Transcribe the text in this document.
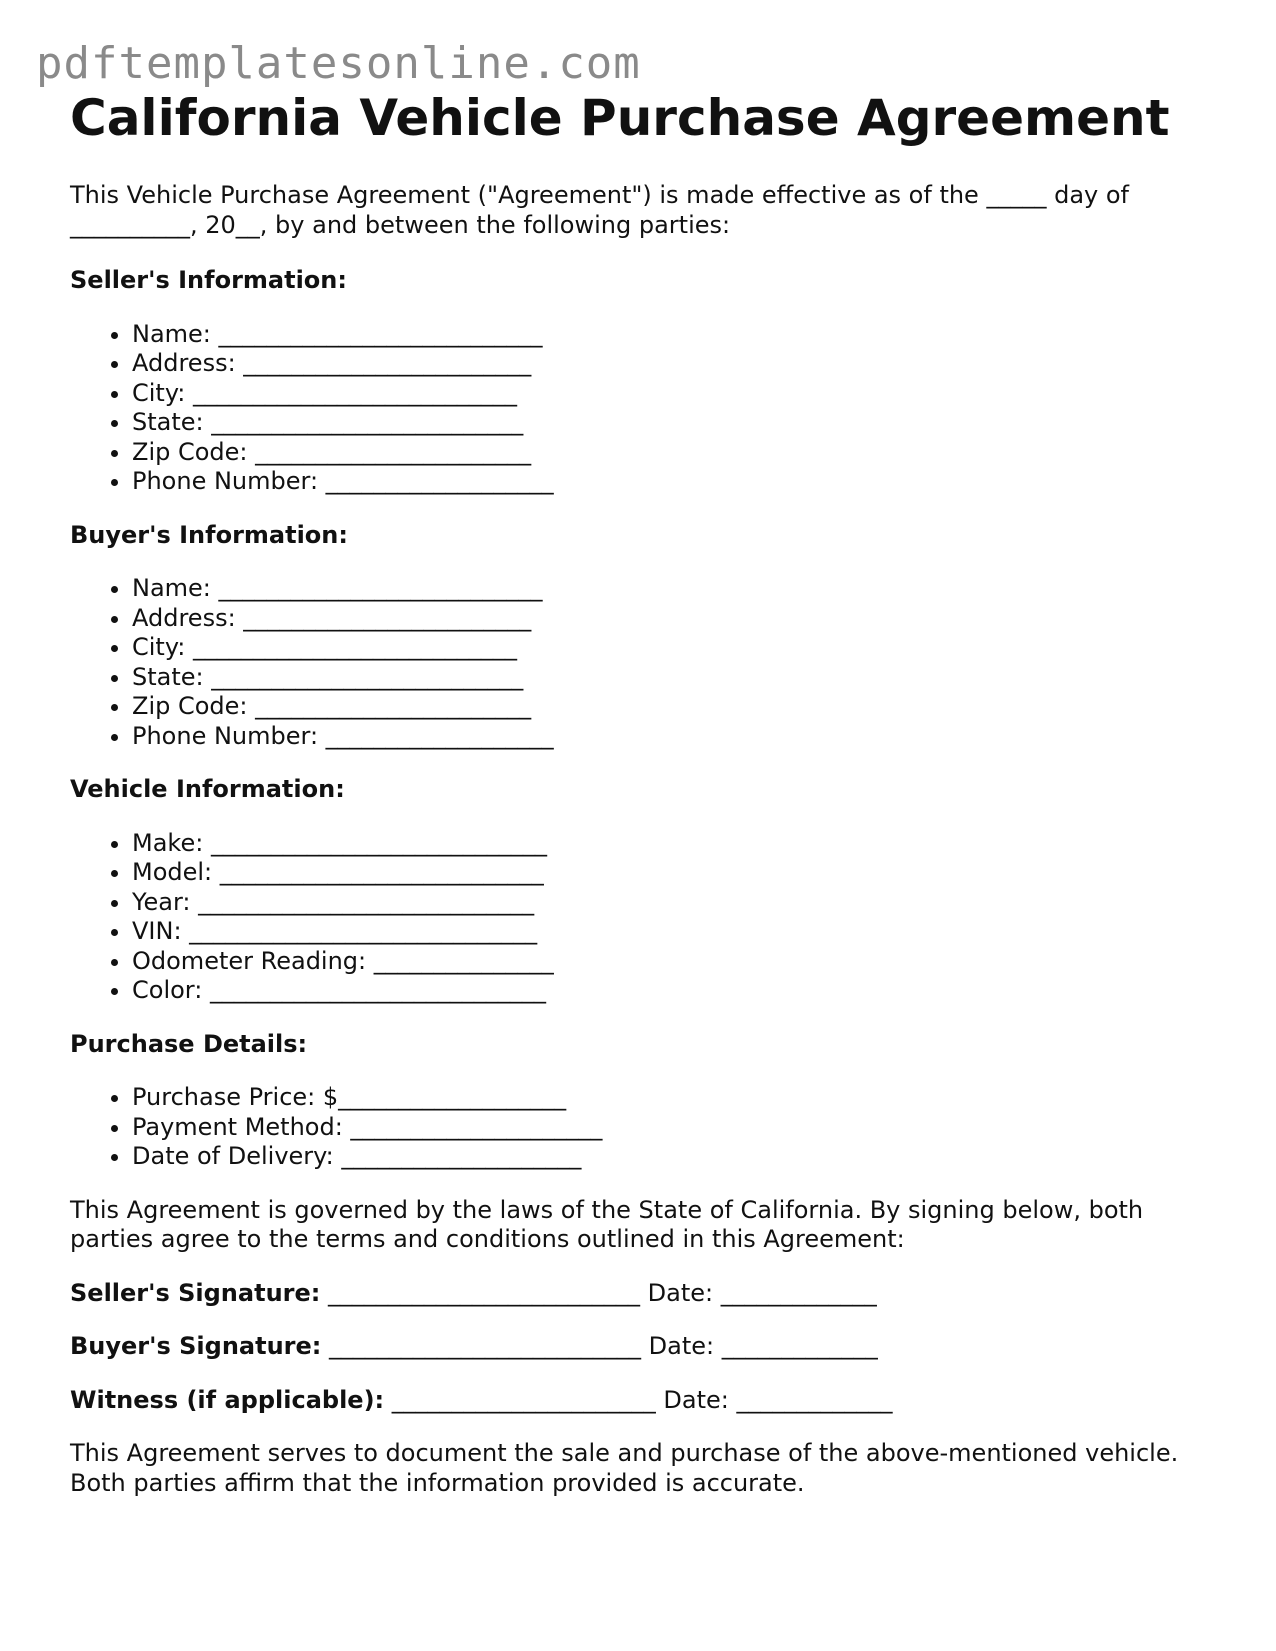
pdftemplatesonline.com
California Vehicle Purchase Agreement

This Vehicle Purchase Agreement ("Agreement") is made effective as of the _____ day of __________, 20__, by and between the following parties:

Seller's Information:
• Name: ___________________________
• Address: ________________________
• City: ___________________________
• State: __________________________
• Zip Code: _______________________
• Phone Number: ___________________
Buyer's Information:
• Name: ___________________________
• Address: ________________________
• City: ___________________________
• State: __________________________
• Zip Code: _______________________
• Phone Number: ___________________
Vehicle Information:
• Make: ____________________________
• Model: ___________________________
• Year: ____________________________
• VIN: _____________________________
• Odometer Reading: _______________
• Color: ____________________________
Purchase Details:
• Purchase Price: $___________________
• Payment Method: _____________________
• Date of Delivery: ____________________

This Agreement is governed by the laws of the State of California. By signing below, both parties agree to the terms and conditions outlined in this Agreement:

Seller's Signature: __________________________ Date: _____________
Buyer's Signature: __________________________ Date: _____________
Witness (if applicable): ______________________ Date: _____________

This Agreement serves to document the sale and purchase of the above-mentioned vehicle. Both parties affirm that the information provided is accurate.
